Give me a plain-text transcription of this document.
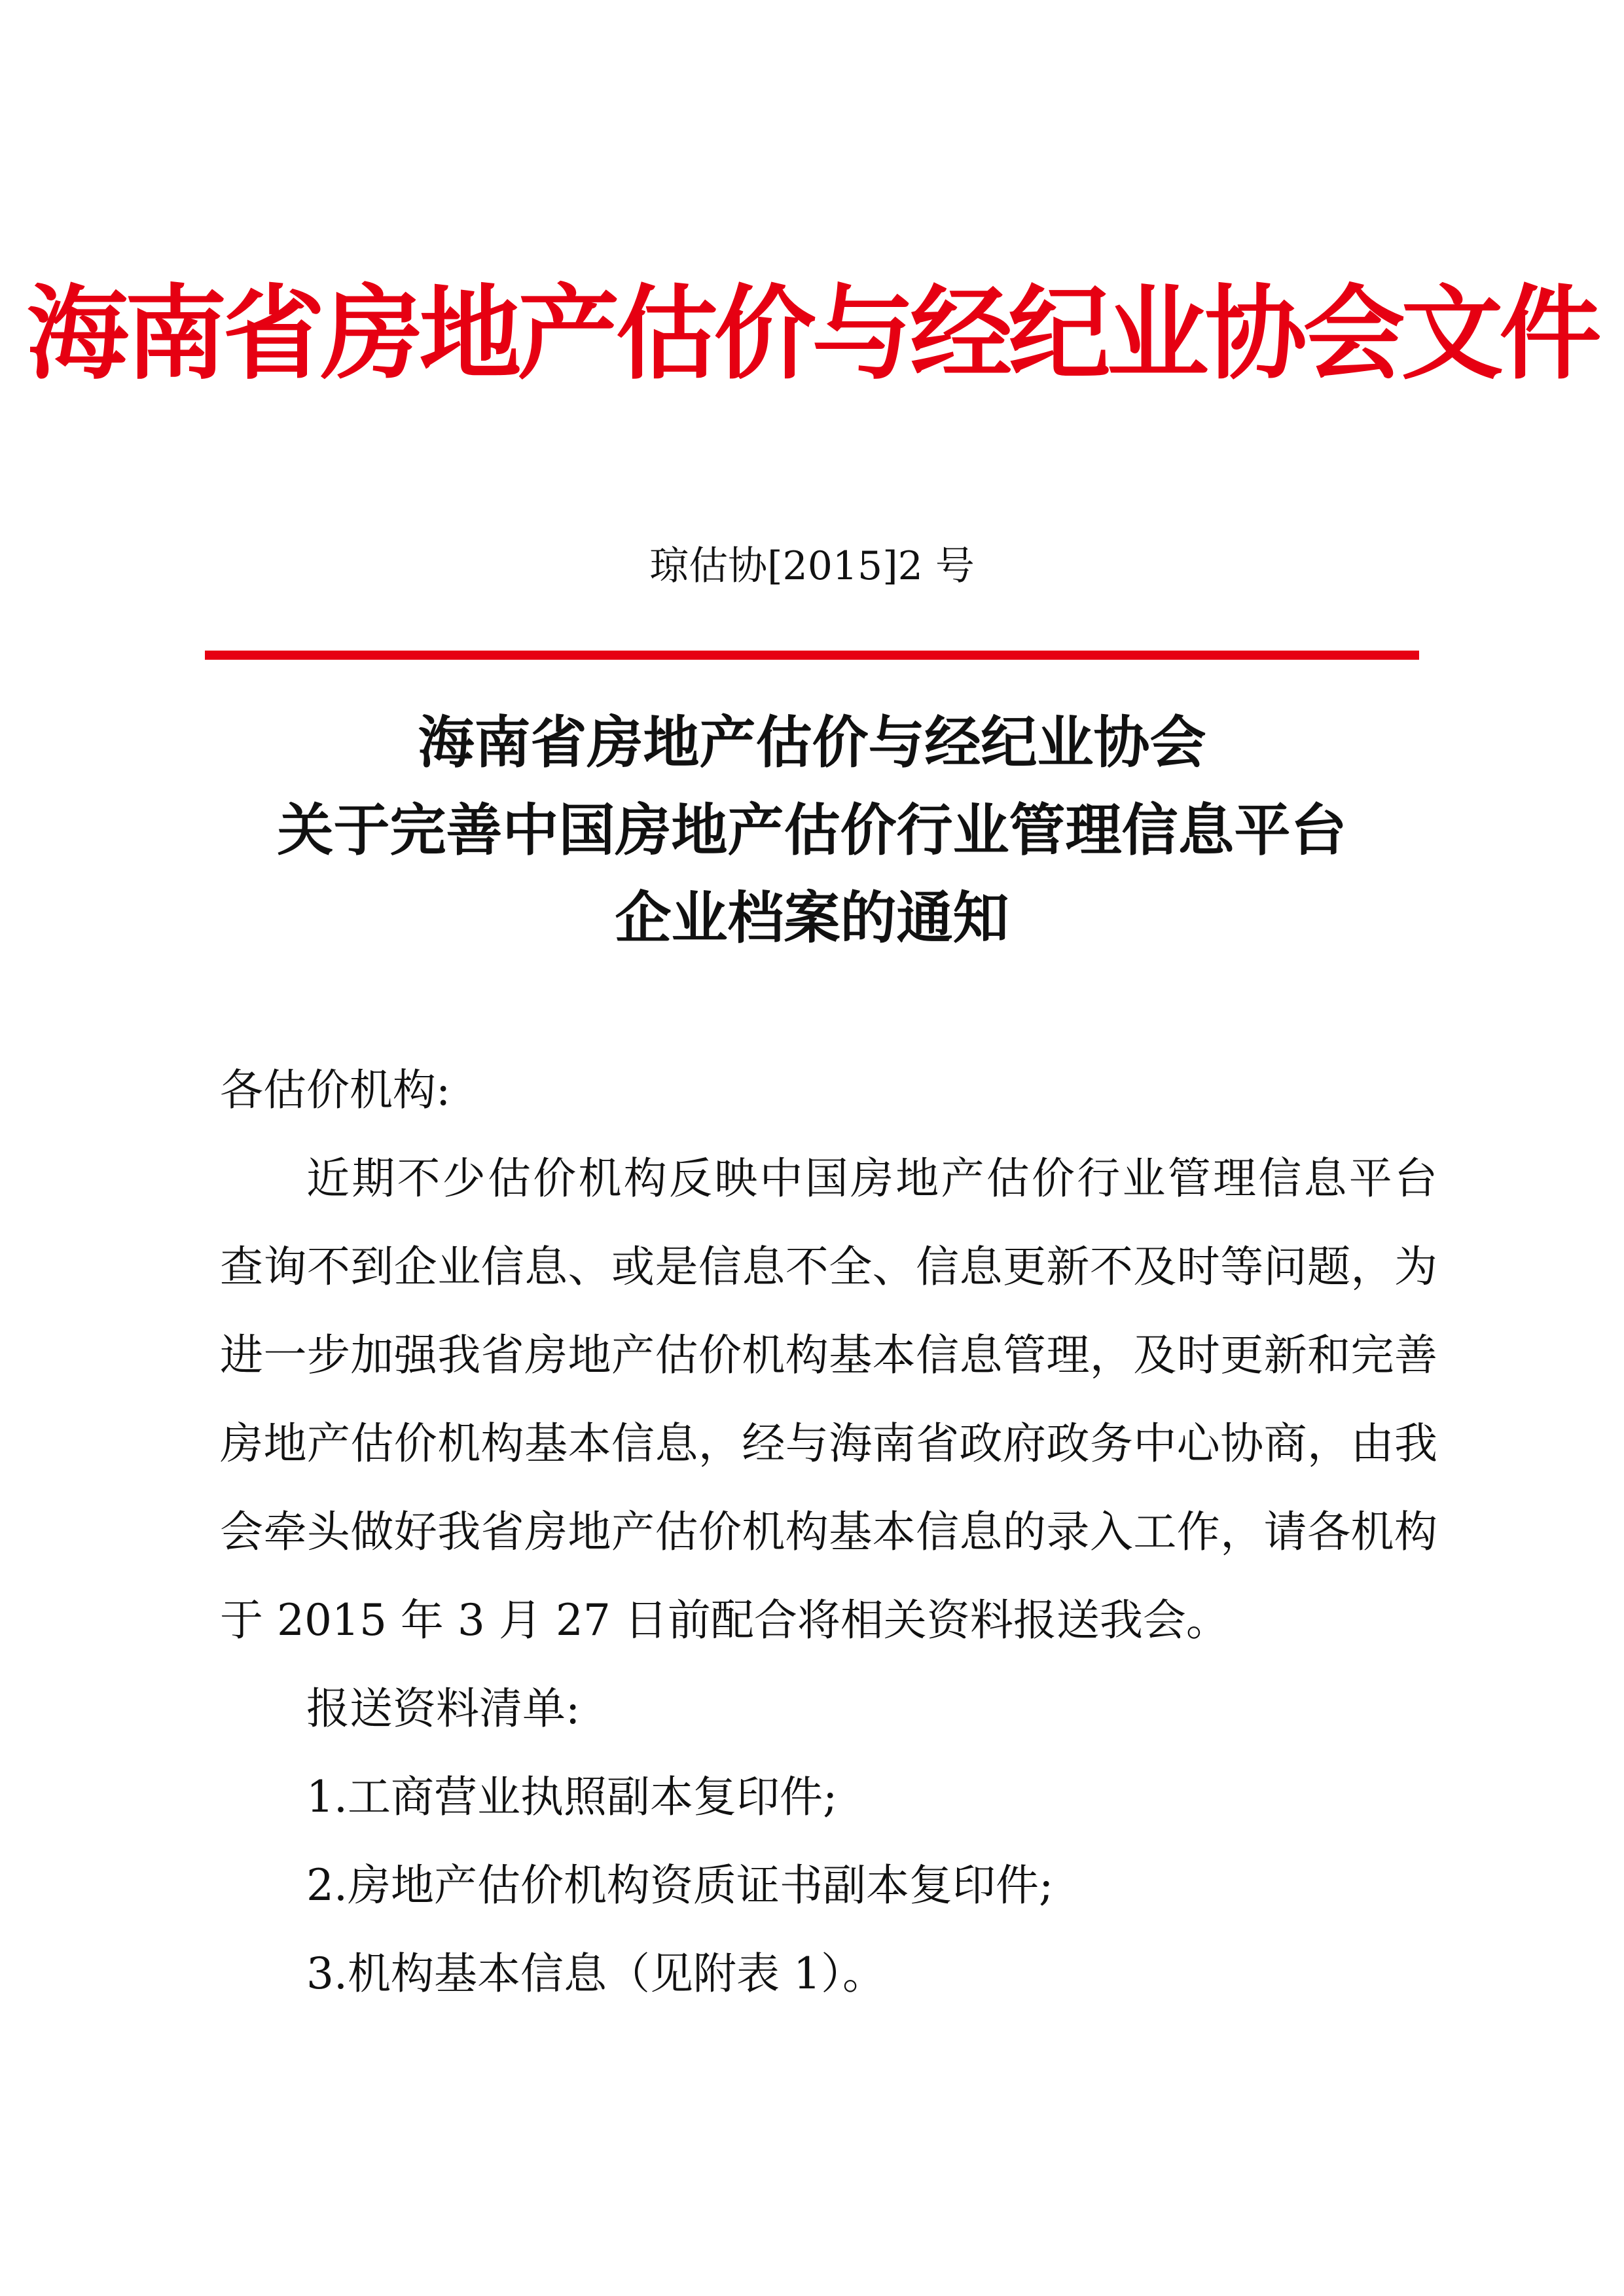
海南省房地产估价与经纪业协会文件
琼估协[2015]2 号
海南省房地产估价与经纪业协会
关于完善中国房地产估价行业管理信息平台
企业档案的通知
各估价机构:
近期不少估价机构反映中国房地产估价行业管理信息平台
查询不到企业信息、或是信息不全、信息更新不及时等问题，为
进一步加强我省房地产估价机构基本信息管理，及时更新和完善
房地产估价机构基本信息，经与海南省政府政务中心协商，由我
会牵头做好我省房地产估价机构基本信息的录入工作，请各机构
于 2015 年 3 月 27 日前配合将相关资料报送我会。
报送资料清单:
1.工商营业执照副本复印件;
2.房地产估价机构资质证书副本复印件;
3.机构基本信息（见附表 1）。
